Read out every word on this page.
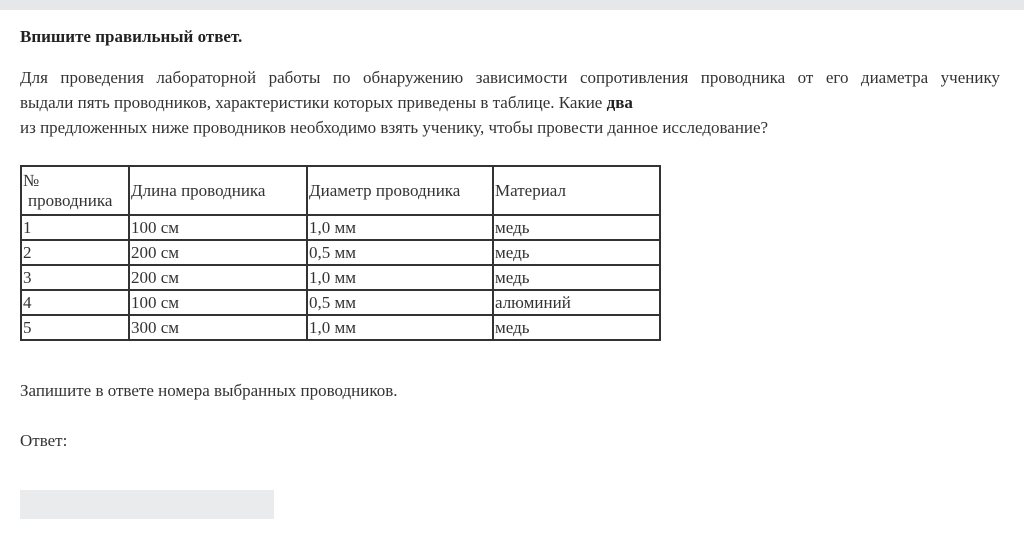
Впишите правильный ответ.
Для проведения лабораторной работы по обнаружению зависимости сопротивления проводника от его диаметра ученику
выдали пять проводников, характеристики которых приведены в таблице. Какие два
из предложенных ниже проводников необходимо взять ученику, чтобы провести данное исследование?
№
проводника	Длина проводника	Диаметр проводника	Материал
1	100 см	1,0 мм	медь
2	200 см	0,5 мм	медь
3	200 см	1,0 мм	медь
4	100 см	0,5 мм	алюминий
5	300 см	1,0 мм	медь
Запишите в ответе номера выбранных проводников.
Ответ:
